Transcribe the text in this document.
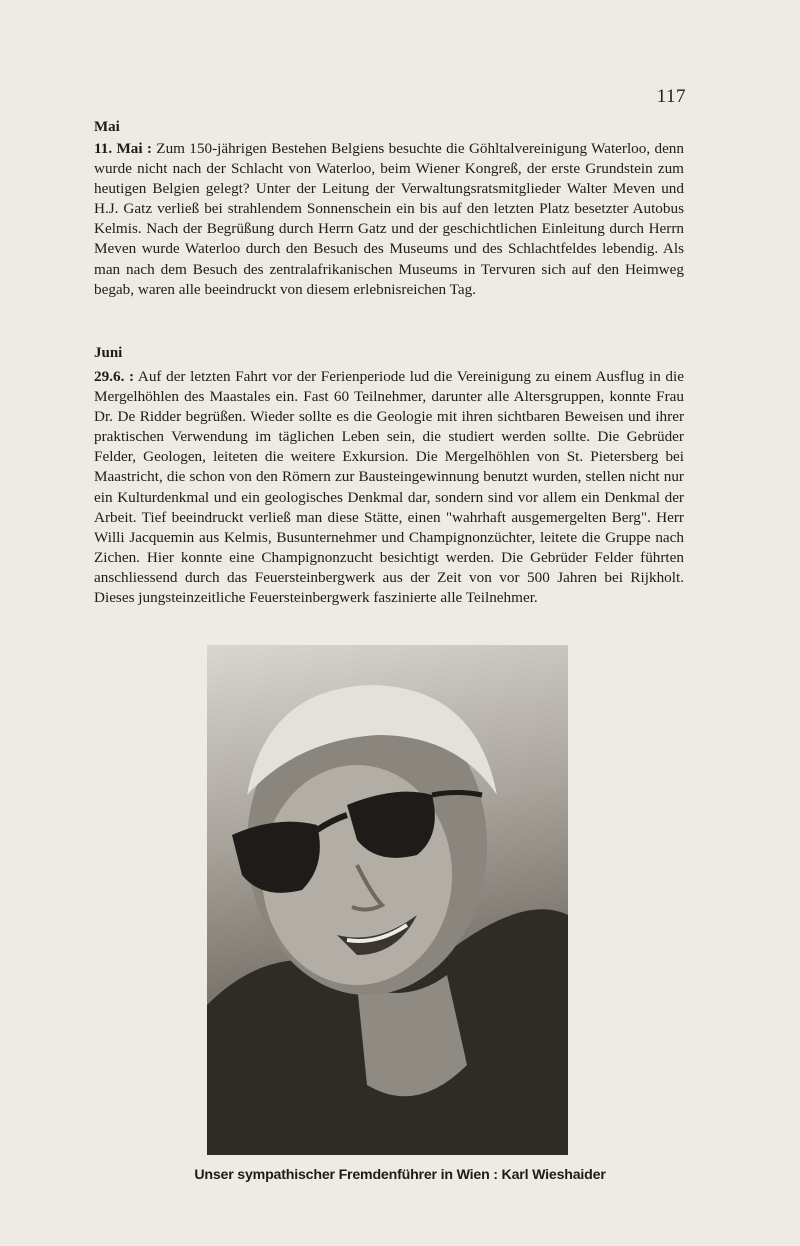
117
Mai
11. Mai : Zum 150-jährigen Bestehen Belgiens besuchte die Göhltalvereinigung Waterloo, denn wurde nicht nach der Schlacht von Waterloo, beim Wiener Kongreß, der erste Grundstein zum heutigen Belgien gelegt? Unter der Leitung der Verwaltungsratsmitglieder Walter Meven und H.J. Gatz verließ bei strahlendem Sonnenschein ein bis auf den letzten Platz besetzter Autobus Kelmis. Nach der Begrüßung durch Herrn Gatz und der geschichtlichen Einleitung durch Herrn Meven wurde Waterloo durch den Besuch des Museums und des Schlachtfeldes lebendig. Als man nach dem Besuch des zentralafrikanischen Museums in Tervuren sich auf den Heimweg begab, waren alle beeindruckt von diesem erlebnisreichen Tag.
Juni
29.6. : Auf der letzten Fahrt vor der Ferienperiode lud die Vereinigung zu einem Ausflug in die Mergelhöhlen des Maastales ein. Fast 60 Teilnehmer, darunter alle Altersgruppen, konnte Frau Dr. De Ridder begrüßen. Wieder sollte es die Geologie mit ihren sichtbaren Beweisen und ihrer praktischen Verwendung im täglichen Leben sein, die studiert werden sollte. Die Gebrüder Felder, Geologen, leiteten die weitere Exkursion. Die Mergelhöhlen von St. Pietersberg bei Maastricht, die schon von den Römern zur Bausteingewinnung benutzt wurden, stellen nicht nur ein Kulturdenkmal und ein geologisches Denkmal dar, sondern sind vor allem ein Denkmal der Arbeit. Tief beeindruckt verließ man diese Stätte, einen "wahrhaft ausgemergelten Berg". Herr Willi Jacquemin aus Kelmis, Busunternehmer und Champignonzüchter, leitete die Gruppe nach Zichen. Hier konnte eine Champignonzucht besichtigt werden. Die Gebrüder Felder führten anschliessend durch das Feuersteinbergwerk aus der Zeit von vor 500 Jahren bei Rijkholt. Dieses jungsteinzeitliche Feuersteinbergwerk faszinierte alle Teilnehmer.
Unser sympathischer Fremdenführer in Wien : Karl Wieshaider
